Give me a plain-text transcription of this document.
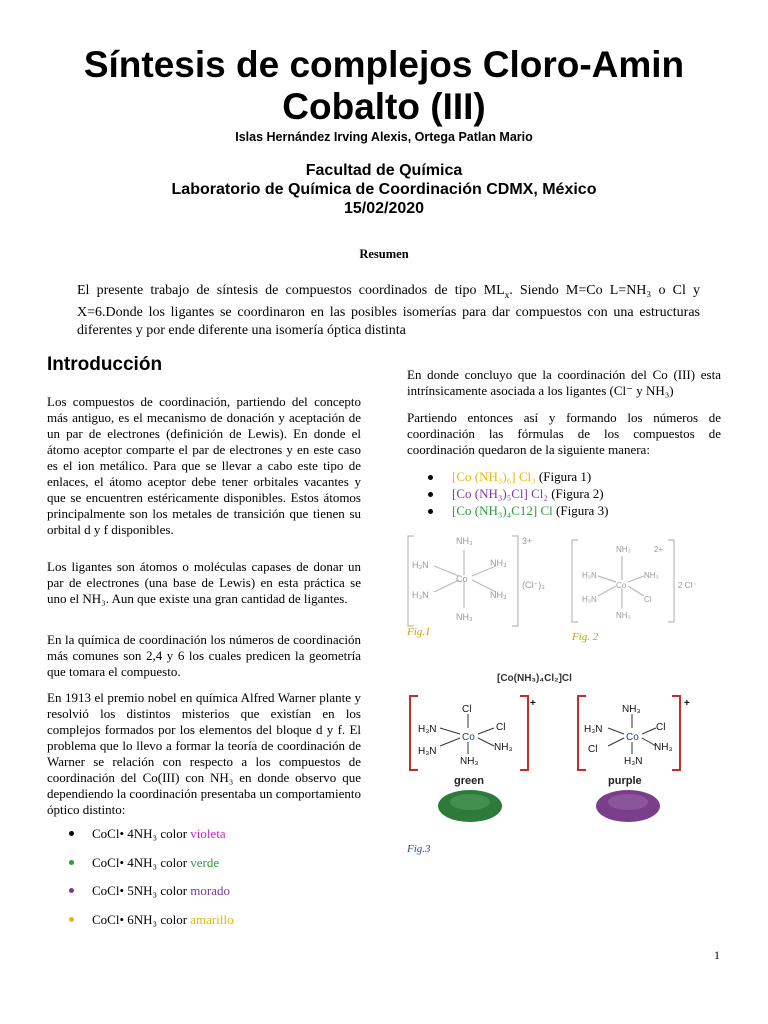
Síntesis de complejos Cloro-Amin
Cobalto (III)
Islas Hernández Irving Alexis, Ortega Patlan Mario
Facultad de Química
Laboratorio de Química de Coordinación CDMX, México
15/02/2020
Resumen
El presente trabajo de síntesis de compuestos coordinados de tipo $ML_x$. Siendo M=Co L=NH₃ o Cl y X=6.Donde los ligantes se coordinaron en las posibles isomerías para dar compuestos con una estructuras diferentes y por ende diferente una isomería óptica distinta
Introducción
Los compuestos de coordinación, partiendo del concepto más antiguo, es el mecanismo de donación y aceptación de un par de electrones (definición de Lewis). En donde el átomo aceptor comparte el par de electrones y en este caso es el ion metálico. Para que se llevar a cabo este tipo de enlaces, el átomo aceptor debe tener orbitales vacantes y que se encuentren estéricamente disponibles. Estos átomos principalmente son los metales de transición que tienen su orbital d y f disponibles.
Los ligantes son átomos o moléculas capases de donar un par de electrones (una base de Lewis) en esta práctica se uno el NH₃. Aun que existe una gran cantidad de ligantes.
En la química de coordinación los números de coordinación más comunes son 2,4 y 6 los cuales predicen la geometría que tomara el compuesto.
En 1913 el premio nobel en química Alfred Warner plante y resolvió los distintos misterios que existían en los complejos formados por los elementos del bloque d y f. El problema que lo llevo a formar la teoría de coordinación de Warner se relación con respecto a los compuestos de coordinación del Co(III) con NH₃ en donde observo que dependiendo la coordinación presentaba un comportamiento óptico distinto:
CoCl• 4NH₃ color violeta
CoCl• 4NH₃ color verde
CoCl• 5NH₃ color morado
CoCl• 6NH₃ color amarillo
En donde concluyo que la coordinación del Co (III) esta intrínsicamente asociada a los ligantes (Cl⁻ y NH₃)
Partiendo entonces así y formando los números de coordinación las fórmulas de los compuestos de coordinación quedaron de la siguiente manera:
[Co (NH₃)₆] Cl₃ (Figura 1)
[Co (NH₃)₅Cl] Cl₂ (Figura 2)
[Co (NH₃)₄C12] Cl (Figura 3)
NH₃
H₃N
H₃N
Co
NH₃
NH₃
NH₃
3+
(Cl⁻)₃
Fig.1
NH₃
H₃N
H₃N
Co
NH₃
Cl
NH₃
2+
2 Cl⁻
Fig. 2
[Co(NH₃)₄Cl₂]Cl
Cl
H₃N
H₃N
Co
Cl
NH₃
NH₃
+
NH₃
H₃N
Cl
Co
Cl
NH₃
H₃N
+
green	purple
Fig.3
1
